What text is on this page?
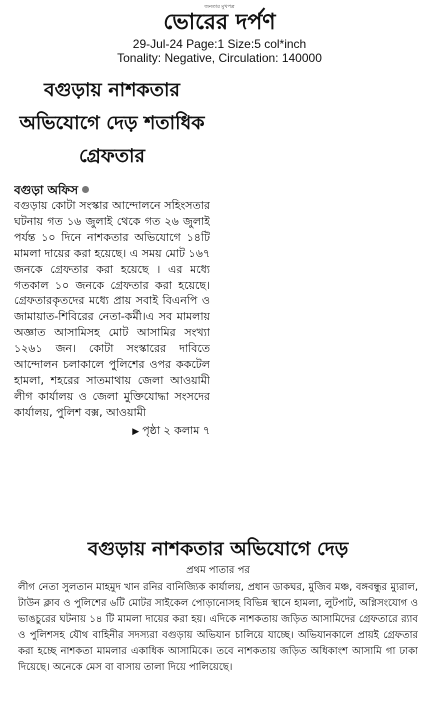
জনতার মুখপত্র
ভোরের দর্পণ
29-Jul-24 Page:1 Size:5 col*inch
Tonality: Negative, Circulation: 140000
বগুড়ায় নাশকতার অভিযোগে দেড় শতাধিক গ্রেফতার
বগুড়া অফিস
বগুড়ায় কোটা সংস্কার আন্দোলনে সহিংসতার ঘটনায় গত ১৬ জুলাই থেকে গত ২৬ জুলাই পর্যন্ত ১০ দিনে নাশকতার অভিযোগে ১৪টি মামলা দায়ের করা হয়েছে। এ সময় মোট ১৬৭ জনকে গ্রেফতার করা হয়েছে । এর মধ্যে গতকাল ১০ জনকে গ্রেফতার করা হয়েছে। গ্রেফতারকৃতদের মধ্যে প্রায় সবাই বিএনপি ও জামায়াত-শিবিরের নেতা-কর্মী।এ সব মামলায় অজ্ঞাত আসামিসহ মোট আসামির সংখ্যা ১২৬১ জন। কোটা সংস্কারের দাবিতে আন্দোলন চলাকালে পুলিশের ওপর ককটেল হামলা, শহরের সাতমাথায় জেলা আওয়ামী লীগ কার্যালয় ও জেলা মুক্তিযোদ্ধা সংসদের কার্যালয়, পুলিশ বক্স, আওয়ামী
▶ পৃষ্ঠা ২ কলাম ৭
বগুড়ায় নাশকতার অভিযোগে দেড়
প্রথম পাতার পর
লীগ নেতা সুলতান মাহমুদ খান রনির বানিজ্যিক কার্যালয়, প্রধান ডাকঘর, মুজিব মঞ্চ, বঙ্গবন্ধুর ম্যুরাল, টাউন ক্লাব ও পুলিশের ৬টি মোটর সাইকেল পোড়ানোসহ বিভিন্ন স্থানে হামলা, লুটপাট, অগ্নিসংযোগ ও ভাঙচুরের ঘটনায় ১৪ টি মামলা দায়ের করা হয়। এদিকে নাশকতায় জড়িত আসামিদের গ্রেফতারে র‍্যাব ও পুলিশসহ যৌথ বাহিনীর সদস্যরা বগুড়ায় অভিযান চালিয়ে যাচ্ছে। অভিযানকালে প্রায়ই গ্রেফতার করা হচ্ছে নাশকতা মামলার একাধিক আসামিকে। তবে নাশকতায় জড়িত অধিকাংশ আসামি গা ঢাকা দিয়েছে। অনেকে মেস বা বাসায় তালা দিয়ে পালিয়েছে।
